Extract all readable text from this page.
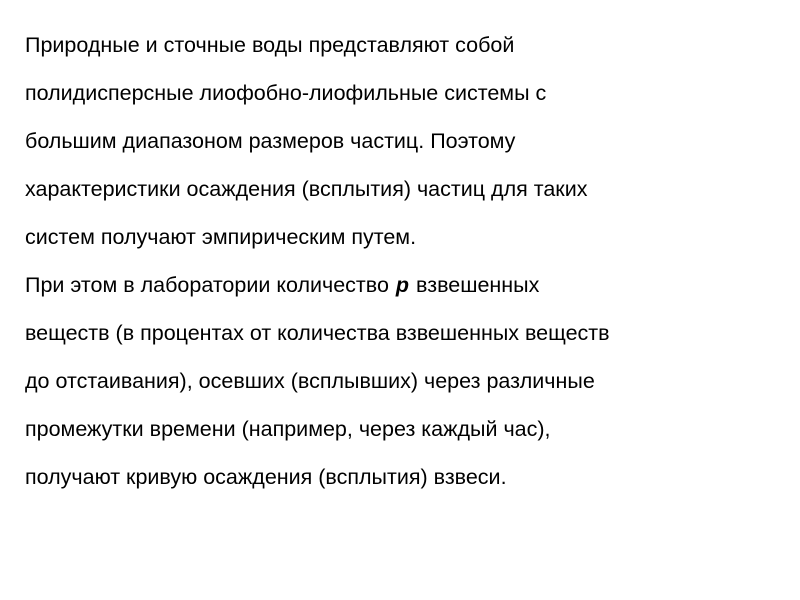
Природные и сточные воды представляют собой
полидисперсные лиофобно-лиофильные системы с
большим диапазоном размеров частиц. Поэтому
характеристики осаждения (всплытия) частиц для таких
систем получают эмпирическим путем.
При этом в лаборатории количество
р
взвешенных
веществ (в процентах от количества взвешенных веществ
до отстаивания), осевших (всплывших) через различные
промежутки времени (например, через каждый час),
получают кривую осаждения (всплытия) взвеси.
